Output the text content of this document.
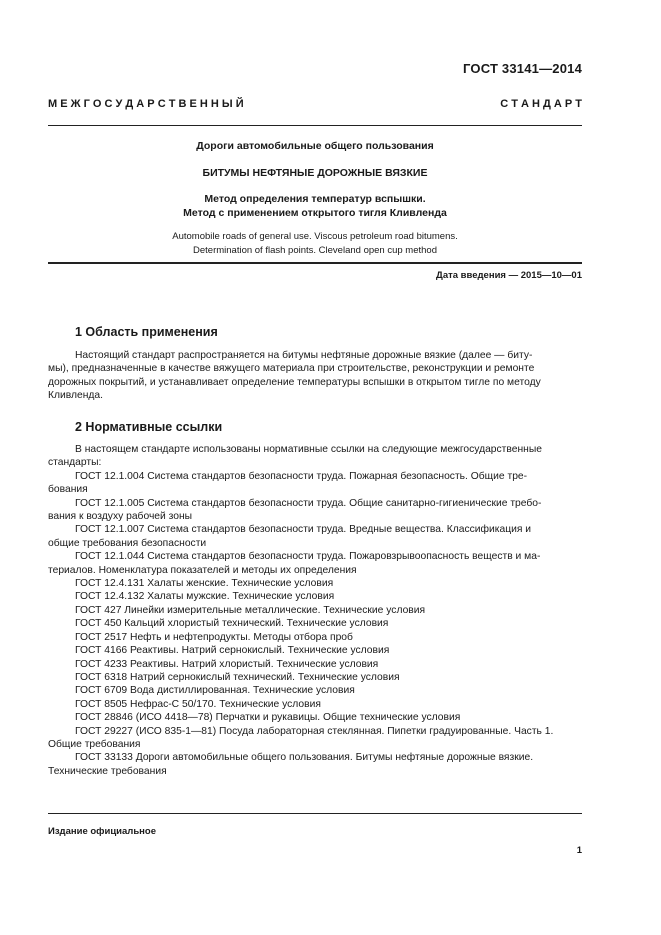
ГОСТ 33141—2014
М Е Ж Г О С У Д А Р С Т В Е Н Н Ы Й	С Т А Н Д А Р Т
Дороги автомобильные общего пользования
БИТУМЫ НЕФТЯНЫЕ ДОРОЖНЫЕ ВЯЗКИЕ
Метод определения температур вспышки.
Метод с применением открытого тигля Кливленда
Automobile roads of general use. Viscous petroleum road bitumens.
Determination of flash points. Cleveland open cup method
Дата введения — 2015—10—01
1 Область применения
Настоящий стандарт распространяется на битумы нефтяные дорожные вязкие (далее — биту-
мы), предназначенные в качестве вяжущего материала при строительстве, реконструкции и ремонте
дорожных покрытий, и устанавливает определение температуры вспышки в открытом тигле по методу
Кливленда.
2 Нормативные ссылки
В настоящем стандарте использованы нормативные ссылки на следующие межгосударственные
стандарты:
ГОСТ 12.1.004 Система стандартов безопасности труда. Пожарная безопасность. Общие тре-
бования
ГОСТ 12.1.005 Система стандартов безопасности труда. Общие санитарно-гигиенические требо-
вания к воздуху рабочей зоны
ГОСТ 12.1.007 Система стандартов безопасности труда. Вредные вещества. Классификация и
общие требования безопасности
ГОСТ 12.1.044 Система стандартов безопасности труда. Пожаровзрывоопасность веществ и ма-
териалов. Номенклатура показателей и методы их определения
ГОСТ 12.4.131 Халаты женские. Технические условия
ГОСТ 12.4.132 Халаты мужские. Технические условия
ГОСТ 427 Линейки измерительные металлические. Технические условия
ГОСТ 450 Кальций хлористый технический. Технические условия
ГОСТ 2517 Нефть и нефтепродукты. Методы отбора проб
ГОСТ 4166 Реактивы. Натрий сернокислый. Технические условия
ГОСТ 4233 Реактивы. Натрий хлористый. Технические условия
ГОСТ 6318 Натрий сернокислый технический. Технические условия
ГОСТ 6709 Вода дистиллированная. Технические условия
ГОСТ 8505 Нефрас-С 50/170. Технические условия
ГОСТ 28846 (ИСО 4418—78) Перчатки и рукавицы. Общие технические условия
ГОСТ 29227 (ИСО 835-1—81) Посуда лабораторная стеклянная. Пипетки градуированные. Часть 1.
Общие требования
ГОСТ 33133 Дороги автомобильные общего пользования. Битумы нефтяные дорожные вязкие.
Технические требования
Издание официальное
1
